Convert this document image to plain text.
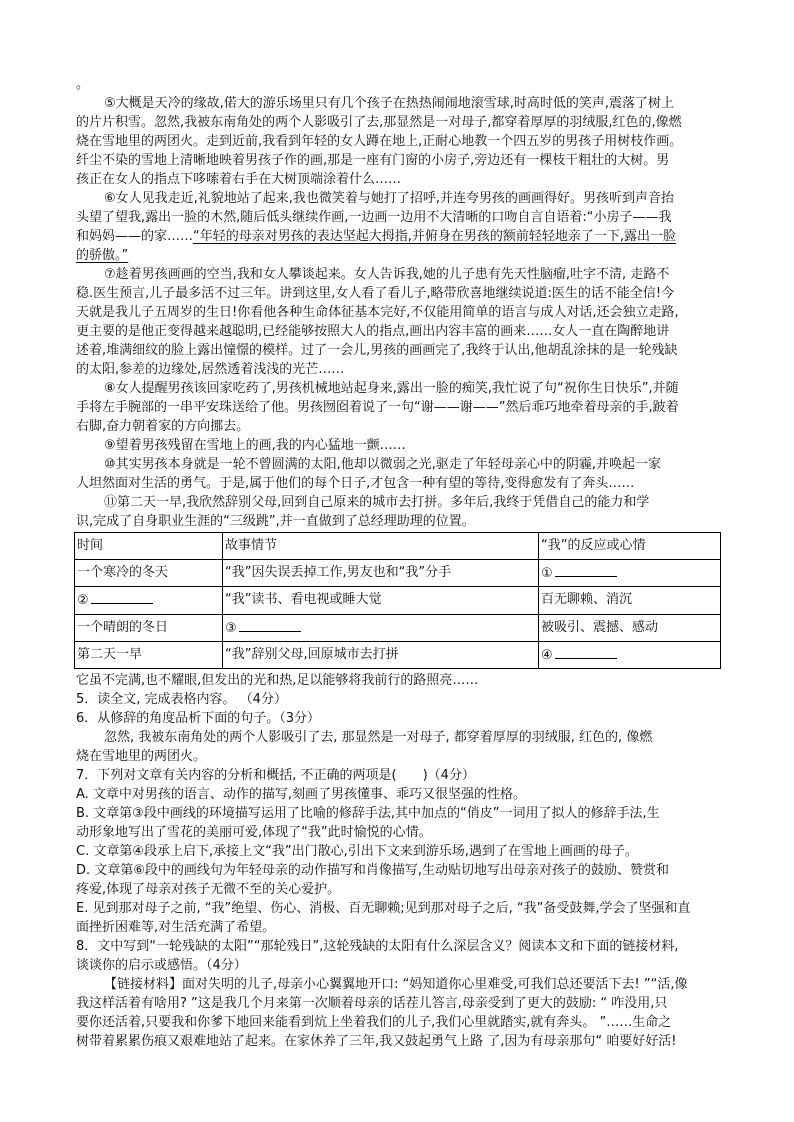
。
⑤大概是天冷的缘故,偌大的游乐场里只有几个孩子在热热闹闹地滚雪球,时高时低的笑声,震落了树上
的片片积雪。忽然,我被东南角处的两个人影吸引了去,那显然是一对母子,都穿着厚厚的羽绒服,红色的,像燃
烧在雪地里的两团火。走到近前,我看到年轻的女人蹲在地上,正耐心地教一个四五岁的男孩子用树枝作画。
纤尘不染的雪地上清晰地映着男孩子作的画,那是一座有门窗的小房子,旁边还有一棵枝干粗壮的大树。男
孩正在女人的指点下哆嗦着右手在大树顶端涂着什么……
⑥女人见我走近,礼貌地站了起来,我也微笑着与她打了招呼,并连夸男孩的画画得好。男孩听到声音抬
头望了望我,露出一脸的木然,随后低头继续作画,一边画一边用不大清晰的口吻自言自语着:“小房子——我
和妈妈——的家……“年轻的母亲对男孩的表达坚起大拇指,并俯身在男孩的额前轻轻地亲了一下,露出一脸
的骄傲。”
⑦趁着男孩画画的空当,我和女人攀谈起来。女人告诉我,她的儿子患有先天性脑瘤,吐字不清, 走路不
稳.医生预言,儿子最多活不过三年。讲到这里,女人看了看儿子,略带欣喜地继续说道:医生的话不能全信!今
天就是我儿子五周岁的生日!你看他各种生命体征基本完好,不仅能用简单的语言与成人对话,还会独立走路,
更主要的是他正变得越来越聪明,已经能够按照大人的指点,画出内容丰富的画来……女人一直在陶醉地讲
述着,堆满细纹的脸上露出憧憬的模样。过了一会儿,男孩的画画完了,我终于认出,他胡乱涂抹的是一轮残缺
的太阳,参差的边缘处,居然透着浅浅的光芒……
⑧女人提醒男孩该回家吃药了,男孩机械地站起身来,露出一脸的痴笑,我忙说了句“祝你生日快乐”,并随
手将左手腕部的一串平安珠送给了他。男孩囫囵着说了一句“谢——谢——”然后乖巧地牵着母亲的手,跛着
右脚,奋力朝着家的方向挪去。
⑨望着男孩残留在雪地上的画,我的内心猛地一颤……
⑩其实男孩本身就是一轮不曾圆满的太阳,他却以微弱之光,驱走了年轻母亲心中的阴霾,并唤起一家
人坦然面对生活的勇气。于是,属于他们的每个日子,才包含一种有望的等待,变得愈发有了奔头……
⑪第二天一早,我欣然辞别父母,回到自己原来的城市去打拼。多年后,我终于凭借自己的能力和学
识,完成了自身职业生涯的“三级跳”,并一直做到了总经理助理的位置。
时间	故事情节	“我”的反应或心情
一个寒冷的冬天	“我”因失误丢掉工作,男友也和“我”分手	①
②	“我”读书、看电视或睡大觉	百无聊赖、消沉
一个晴朗的冬日	③	被吸引、震撼、感动
第二天一早	“我”辞别父母,回原城市去打拼	④
它虽不完满,也不耀眼,但发出的光和热,足以能够将我前行的路照亮……
5．读全文, 完成表格内容。 （4分）
6．从修辞的角度品析下面的句子。（3分）
忽然, 我被东南角处的两个人影吸引了去, 那显然是一对母子, 都穿着厚厚的羽绒服, 红色的, 像燃
烧在雪地里的两团火。
7．下列对文章有关内容的分析和概括, 不正确的两项是(　　)（4分）
A. 文章中对男孩的语言、动作的描写,刻画了男孩懂事、乖巧又很坚强的性格。
B. 文章第③段中画线的环境描写运用了比喻的修辞手法,其中加点的“俏皮”一词用了拟人的修辞手法,生
动形象地写出了雪花的美丽可爱,体现了“我”此时愉悦的心情。
C. 文章第④段承上启下,承接上文“我”出门散心,引出下文来到游乐场,遇到了在雪地上画画的母子。
D. 文章第⑥段中的画线句为年轻母亲的动作描写和肖像描写,生动贴切地写出母亲对孩子的鼓励、赞赏和
疼爱,体现了母亲对孩子无微不至的关心爱护。
E. 见到那对母子之前, “我”绝望、伤心、消极、百无聊赖;见到那对母子之后, “我”备受鼓舞,学会了坚强和直
面挫折困难等,对生活充满了希望。
8．文中写到“一轮残缺的太阳”“那轮残日”,这轮残缺的太阳有什么深层含义？阅读本文和下面的链接材料,
谈谈你的启示或感悟。（4分）
【链接材料】面对失明的儿子,母亲小心翼翼地开口: “妈知道你心里难受,可我们总还要活下去! ”“活,像
我这样活着有啥用? ”这是我几个月来第一次顺着母亲的话茬儿答言,母亲受到了更大的鼓励: “ 咋没用,只
要你还活着,只要我和你爹下地回来能看到炕上坐着我们的儿子,我们心里就踏实,就有奔头。 ”……生命之
树带着累累伤痕又艰难地站了起来。在家休养了三年,我又鼓起勇气上路 了,因为有母亲那句“ 咱要好好活!
